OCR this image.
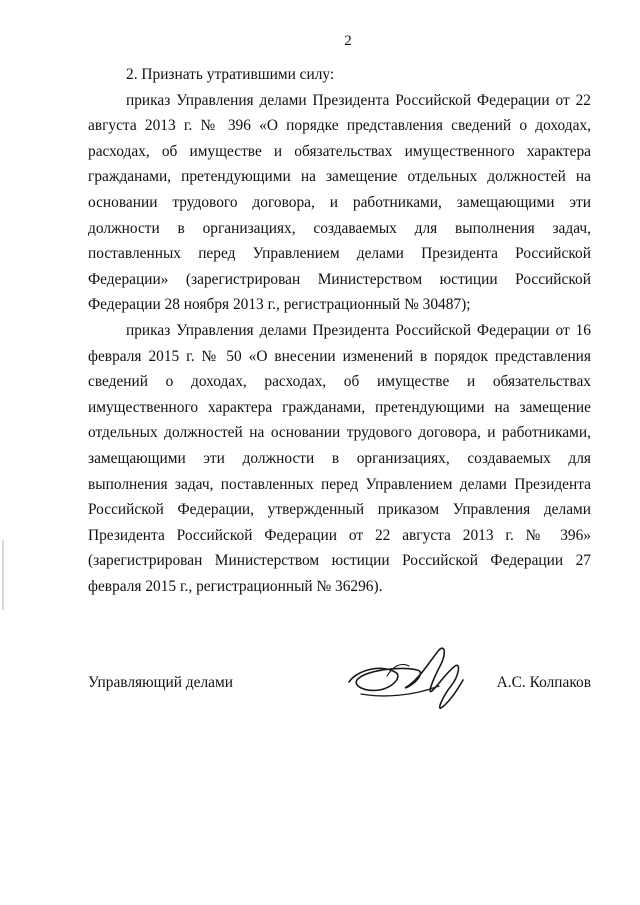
2

2. Признать утратившими силу:

приказ Управления делами Президента Российской Федерации от 22 августа 2013 г. № 396 «О порядке представления сведений о доходах, расходах, об имуществе и обязательствах имущественного характера гражданами, претендующими на замещение отдельных должностей на основании трудового договора, и работниками, замещающими эти должности в организациях, создаваемых для выполнения задач, поставленных перед Управлением делами Президента Российской Федерации» (зарегистрирован Министерством юстиции Российской Федерации 28 ноября 2013 г., регистрационный № 30487);

приказ Управления делами Президента Российской Федерации от 16 февраля 2015 г. № 50 «О внесении изменений в порядок представления сведений о доходах, расходах, об имуществе и обязательствах имущественного характера гражданами, претендующими на замещение отдельных должностей на основании трудового договора, и работниками, замещающими эти должности в организациях, создаваемых для выполнения задач, поставленных перед Управлением делами Президента Российской Федерации, утвержденный приказом Управления делами Президента Российской Федерации от 22 августа 2013 г. № 396» (зарегистрирован Министерством юстиции Российской Федерации 27 февраля 2015 г., регистрационный № 36296).

Управляющий делами	А.С. Колпаков
